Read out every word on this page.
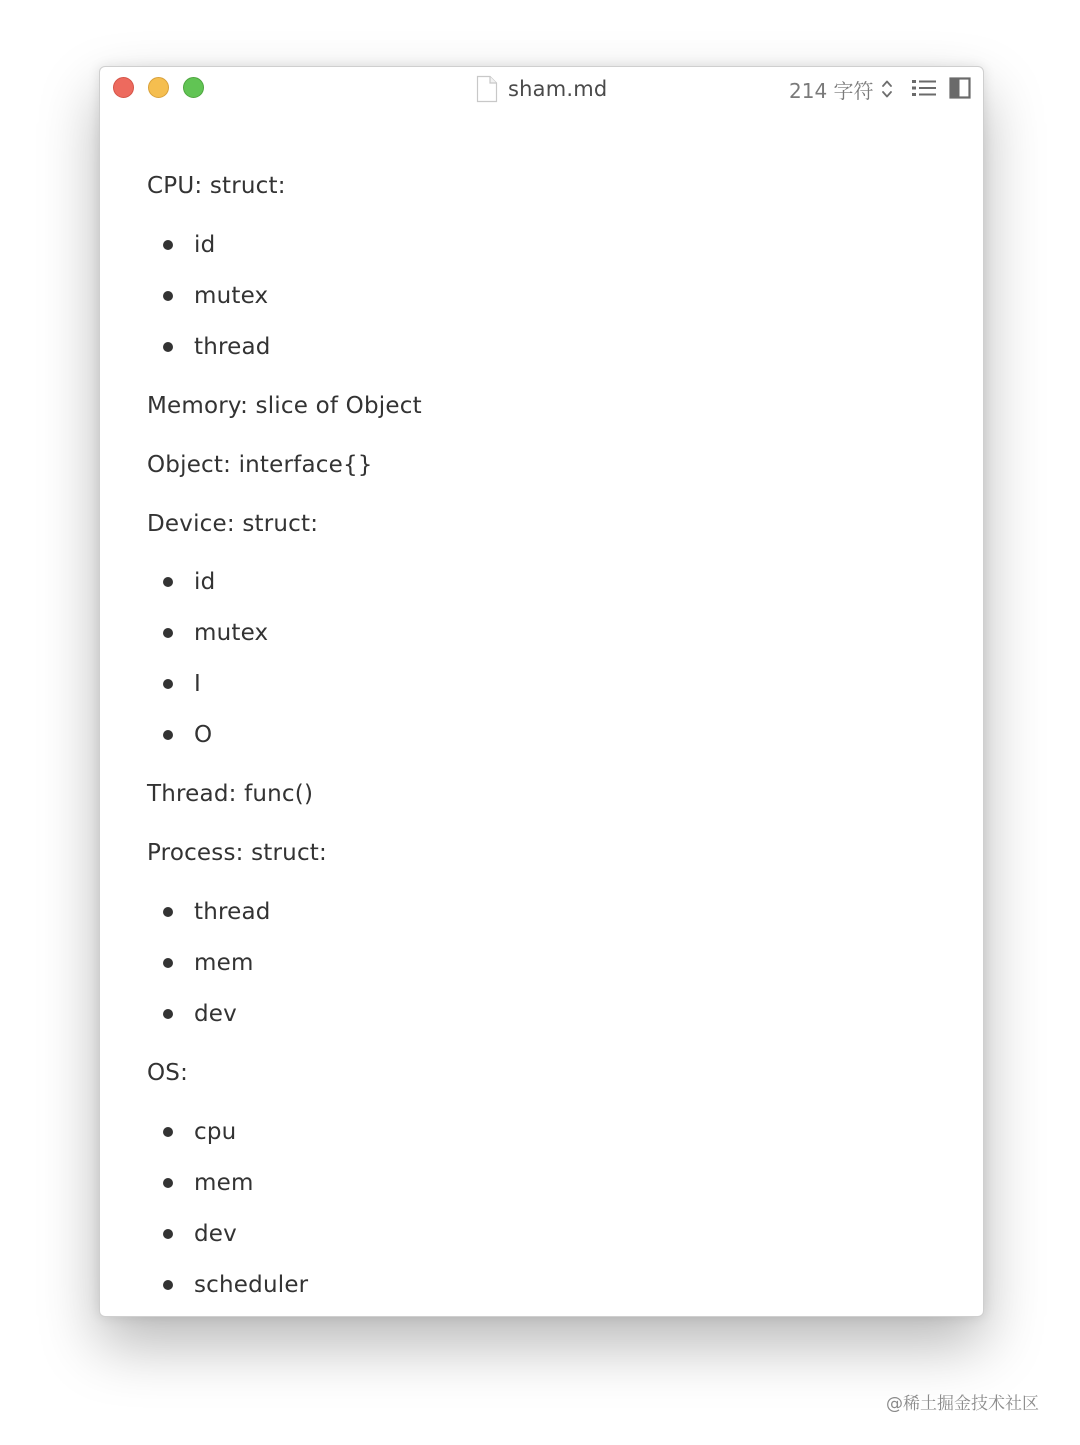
sham.md	214 字符
CPU: struct:
id
mutex
thread
Memory: slice of Object
Object: interface{}
Device: struct:
id
mutex
I
O
Thread: func()
Process: struct:
thread
mem
dev
OS:
cpu
mem
dev
scheduler
@稀土掘金技术社区
